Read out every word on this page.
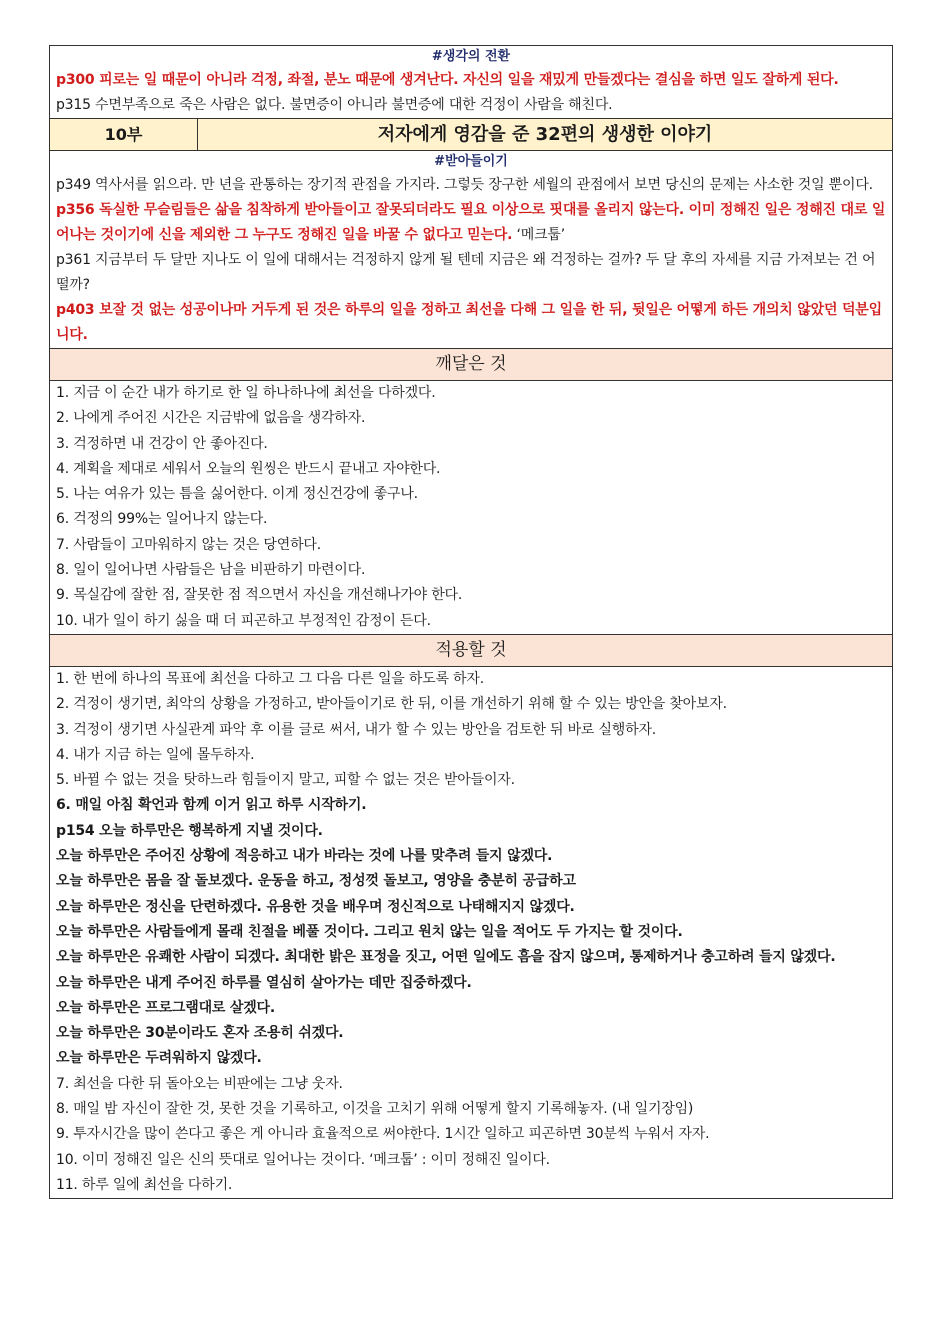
#생각의 전환
p300 피로는 일 때문이 아니라 걱정, 좌절, 분노 때문에 생겨난다. 자신의 일을 재밌게 만들겠다는 결심을 하면 일도 잘하게 된다.
p315 수면부족으로 죽은 사람은 없다. 불면증이 아니라 불면증에 대한 걱정이 사람을 해친다.
10부	저자에게 영감을 준 32편의 생생한 이야기
#받아들이기
p349 역사서를 읽으라. 만 년을 관통하는 장기적 관점을 가지라. 그렇듯 장구한 세월의 관점에서 보면 당신의 문제는 사소한 것일 뿐이다.
p356 독실한 무슬림들은 삶을 침착하게 받아들이고 잘못되더라도 필요 이상으로 핏대를 올리지 않는다. 이미 정해진 일은 정해진 대로 일어나는 것이기에 신을 제외한 그 누구도 정해진 일을 바꿀 수 없다고 믿는다. ‘메크툽’
p361 지금부터 두 달만 지나도 이 일에 대해서는 걱정하지 않게 될 텐데 지금은 왜 걱정하는 걸까? 두 달 후의 자세를 지금 가져보는 건 어떨까?
p403 보잘 것 없는 성공이나마 거두게 된 것은 하루의 일을 정하고 최선을 다해 그 일을 한 뒤, 뒷일은 어떻게 하든 개의치 않았던 덕분입니다.
깨달은 것
1. 지금 이 순간 내가 하기로 한 일 하나하나에 최선을 다하겠다.
2. 나에게 주어진 시간은 지금밖에 없음을 생각하자.
3. 걱정하면 내 건강이 안 좋아진다.
4. 계획을 제대로 세워서 오늘의 원씽은 반드시 끝내고 자야한다.
5. 나는 여유가 있는 틈을 싫어한다. 이게 정신건강에 좋구나.
6. 걱정의 99%는 일어나지 않는다.
7. 사람들이 고마워하지 않는 것은 당연하다.
8. 일이 일어나면 사람들은 남을 비판하기 마련이다.
9. 목실감에 잘한 점, 잘못한 점 적으면서 자신을 개선해나가야 한다.
10. 내가 일이 하기 싫을 때 더 피곤하고 부정적인 감정이 든다.
적용할 것
1. 한 번에 하나의 목표에 최선을 다하고 그 다음 다른 일을 하도록 하자.
2. 걱정이 생기면, 최악의 상황을 가정하고, 받아들이기로 한 뒤, 이를 개선하기 위해 할 수 있는 방안을 찾아보자.
3. 걱정이 생기면 사실관계 파악 후 이를 글로 써서, 내가 할 수 있는 방안을 검토한 뒤 바로 실행하자.
4. 내가 지금 하는 일에 몰두하자.
5. 바뀔 수 없는 것을 탓하느라 힘들이지 말고, 피할 수 없는 것은 받아들이자.
6. 매일 아침 확언과 함께 이거 읽고 하루 시작하기.
p154 오늘 하루만은 행복하게 지낼 것이다.
오늘 하루만은 주어진 상황에 적응하고 내가 바라는 것에 나를 맞추려 들지 않겠다.
오늘 하루만은 몸을 잘 돌보겠다. 운동을 하고, 정성껏 돌보고, 영양을 충분히 공급하고
오늘 하루만은 정신을 단련하겠다. 유용한 것을 배우며 정신적으로 나태해지지 않겠다.
오늘 하루만은 사람들에게 몰래 친절을 베풀 것이다. 그리고 원치 않는 일을 적어도 두 가지는 할 것이다.
오늘 하루만은 유쾌한 사람이 되겠다. 최대한 밝은 표정을 짓고, 어떤 일에도 흠을 잡지 않으며, 통제하거나 충고하려 들지 않겠다.
오늘 하루만은 내게 주어진 하루를 열심히 살아가는 데만 집중하겠다.
오늘 하루만은 프로그램대로 살겠다.
오늘 하루만은 30분이라도 혼자 조용히 쉬겠다.
오늘 하루만은 두려워하지 않겠다.
7. 최선을 다한 뒤 돌아오는 비판에는 그냥 웃자.
8. 매일 밤 자신이 잘한 것, 못한 것을 기록하고, 이것을 고치기 위해 어떻게 할지 기록해놓자. (내 일기장임)
9. 투자시간을 많이 쓴다고 좋은 게 아니라 효율적으로 써야한다. 1시간 일하고 피곤하면 30분씩 누워서 자자.
10. 이미 정해진 일은 신의 뜻대로 일어나는 것이다. ‘메크툽’ : 이미 정해진 일이다.
11. 하루 일에 최선을 다하기.
